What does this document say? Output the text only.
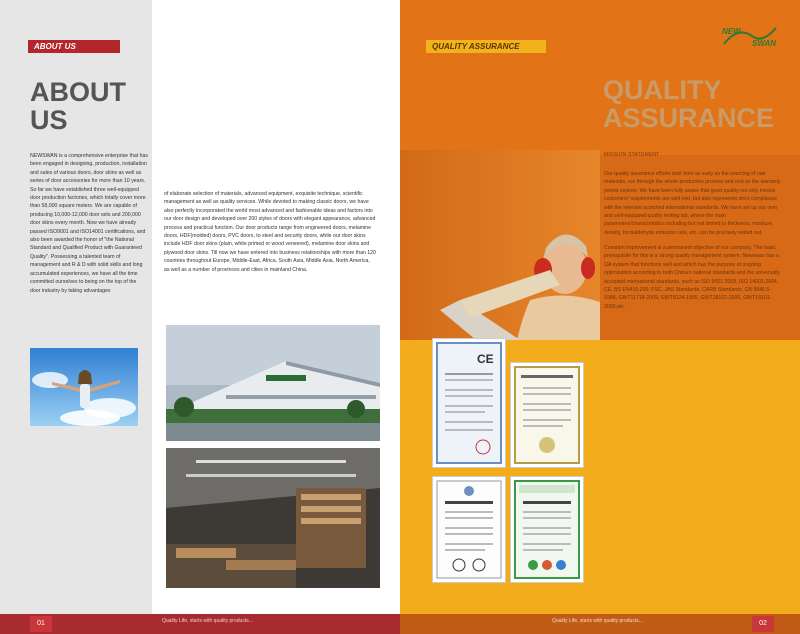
ABOUT US
ABOUT
US
NEWSWAN is a comprehensive enterprise that has been engaged in designing, production, installation and sales of various doors, door skins as well as series of door accessories for more than 10 years. So far we have established three well-equipped door production factories, which totally cover more than 58,000 square meters. We are capable of producing 10,000-12,000 door sets and 200,000 door skins every month. Now we have already passed ISO9001 and ISO14001 certifications, and also been awarded the honor of "the National Standard and Qualified Product with Guaranteed Quality". Possessing a talented team of management and R & D with solid skills and long accumulated experiences, we have all the time committed ourselves to being on the top of the door industry by taking advantages
of elaborate selection of materials, advanced equipment, exquisite technique, scientific management as well as quality services. While devoted to making classic doors, we have also perfectly incorporated the world most advanced and fashionable ideas and factors into our door design and developed over 200 styles of doors with elegant appearance, advanced process and practical function. Our door products range from engineered doors, melamine doors, HDF(molded) doors, PVC doors, to steel and security doors, while our door skins include HDF door skins (plain, white primed or wood veneered), melamine door skins and plywood door skins. Till now we have entered into business relationships with more than 120 countries throughout Europe, Middle-East, Africa, South Asia, Middle Asia, North America, as well as a number of provinces and cities in mainland China.
01	Quality Life, starts with quality products...
QUALITY ASSURANCE
NEW
SWAN
QUALITY
ASSURANCE
MISSION STATEMENT
Our quality assurance efforts start from as early as the sourcing of raw materials, run through the whole production process and end as the warranty period expires. We have been fully aware that good quality not only means customers' requirements are well met, but also represents strict compliance with the relevant accepted international standards. We have set up our own and well-equipped quality testing lab, where the main parameters/characteristics including but not limited to thickness, moisture, density, formaldehyde emission rate, etc. can be precisely tested out.
Constant improvement is a permanent objective of our company. The basic prerequisite for this is a strong quality management system. Newswan has a QA system that functions well and which has the purpose of ongoing optimization according to both China's national standards and the universally accepted international standards, such as ISO 9001:2008, ISO 14001:2004, CE, BS EN415:200, FSC, JAS Standards, CARB Standards, GB 9846.5-1988, GB/T11718-2009, GB/T8124-1995, GB/T18102-2000, GB/T18101-2000,etc.
CE
Quality Life, starts with quality products...	02
